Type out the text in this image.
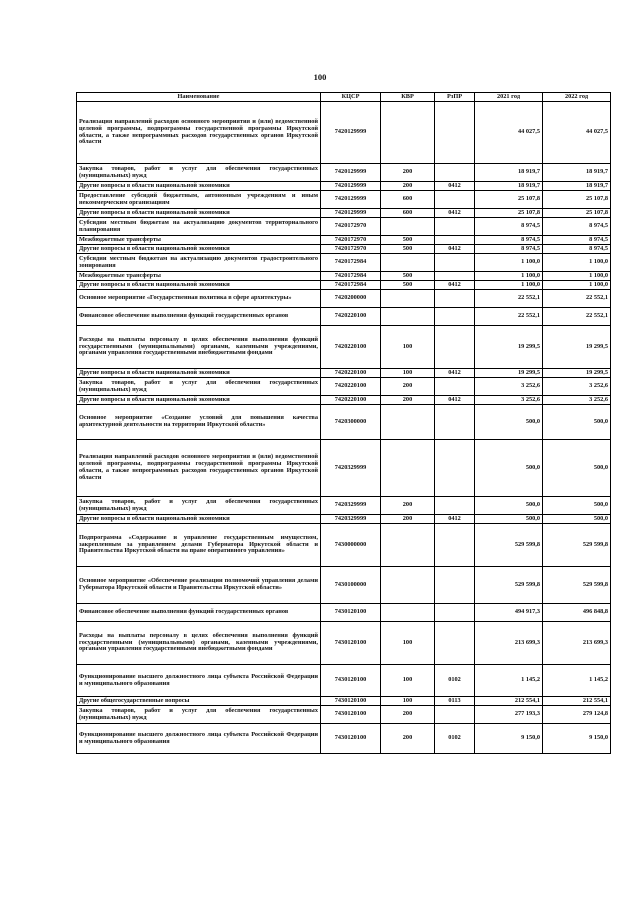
100
Наименование	КЦСР	КВР	РзПР	2021 год	2022 год
Реализация направлений расходов основного мероприятия и (или) ведомственной целевой программы, подпрограммы государственной программы Иркутской области, а также непрограммных расходов государственных органов Иркутской области	7420129999			44 027,5	44 027,5
Закупка товаров, работ и услуг для обеспечения государственных (муниципальных) нужд	7420129999	200		18 919,7	18 919,7
Другие вопросы в области национальной экономики	7420129999	200	0412	18 919,7	18 919,7
Предоставление субсидий бюджетным, автономным учреждениям и иным некоммерческим организациям	7420129999	600		25 107,8	25 107,8
Другие вопросы в области национальной экономики	7420129999	600	0412	25 107,8	25 107,8
Субсидии местным бюджетам на актуализацию документов территориального планирования	7420172970			8 974,5	8 974,5
Межбюджетные трансферты	7420172970	500		8 974,5	8 974,5
Другие вопросы в области национальной экономики	7420172970	500	0412	8 974,5	8 974,5
Субсидии местным бюджетам на актуализацию документов градостроительного зонирования	7420172984			1 100,0	1 100,0
Межбюджетные трансферты	7420172984	500		1 100,0	1 100,0
Другие вопросы в области национальной экономики	7420172984	500	0412	1 100,0	1 100,0
Основное мероприятие «Государственная политика в сфере архитектуры»	7420200000			22 552,1	22 552,1
Финансовое обеспечение выполнения функций государственных органов	7420220100			22 552,1	22 552,1
Расходы на выплаты персоналу в целях обеспечения выполнения функций государственными (муниципальными) органами, казенными учреждениями, органами управления государственными внебюджетными фондами	7420220100	100		19 299,5	19 299,5
Другие вопросы в области национальной экономики	7420220100	100	0412	19 299,5	19 299,5
Закупка товаров, работ и услуг для обеспечения государственных (муниципальных) нужд	7420220100	200		3 252,6	3 252,6
Другие вопросы в области национальной экономики	7420220100	200	0412	3 252,6	3 252,6
Основное мероприятие «Создание условий для повышения качества архитектурной деятельности на территории Иркутской области»	7420300000			500,0	500,0
Реализация направлений расходов основного мероприятия и (или) ведомственной целевой программы, подпрограммы государственной программы Иркутской области, а также непрограммных расходов государственных органов Иркутской области	7420329999			500,0	500,0
Закупка товаров, работ и услуг для обеспечения государственных (муниципальных) нужд	7420329999	200		500,0	500,0
Другие вопросы в области национальной экономики	7420329999	200	0412	500,0	500,0
Подпрограмма «Содержание и управление государственным имуществом, закрепленным за управлением делами Губернатора Иркутской области и Правительства Иркутской области на праве оперативного управления»	7430000000			529 599,8	529 599,8
Основное мероприятие «Обеспечение реализации полномочий управления делами Губернатора Иркутской области и Правительства Иркутской области»	7430100000			529 599,8	529 599,8
Финансовое обеспечение выполнения функций государственных органов	7430120100			494 917,3	496 848,8
Расходы на выплаты персоналу в целях обеспечения выполнения функций государственными (муниципальными) органами, казенными учреждениями, органами управления государственными внебюджетными фондами	7430120100	100		213 699,3	213 699,3
Функционирование высшего должностного лица субъекта Российской Федерации и муниципального образования	7430120100	100	0102	1 145,2	1 145,2
Другие общегосударственные вопросы	7430120100	100	0113	212 554,1	212 554,1
Закупка товаров, работ и услуг для обеспечения государственных (муниципальных) нужд	7430120100	200		277 193,3	279 124,8
Функционирование высшего должностного лица субъекта Российской Федерации и муниципального образования	7430120100	200	0102	9 150,0	9 150,0
